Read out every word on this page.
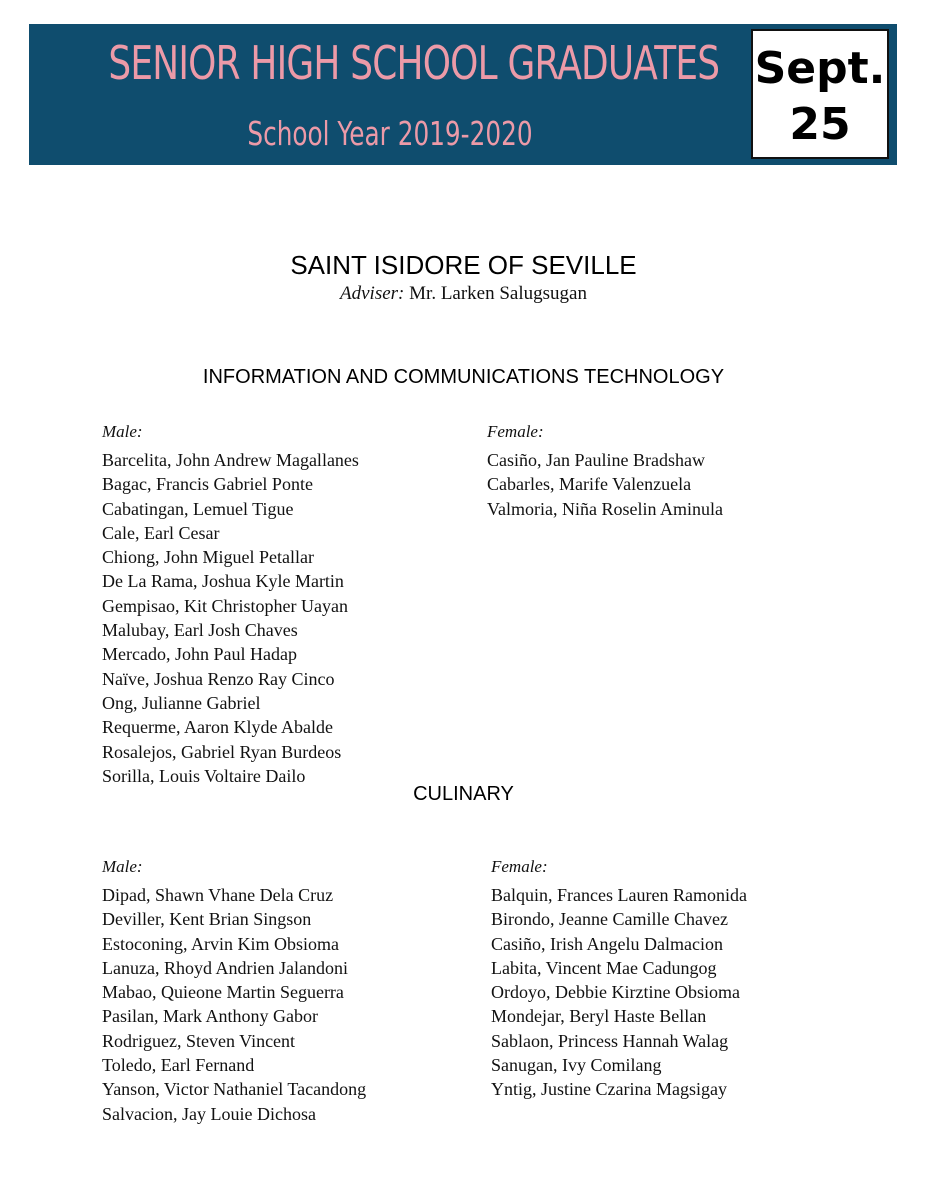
SENIOR HIGH SCHOOL GRADUATES
School Year 2019-2020
Sept.
25
SAINT ISIDORE OF SEVILLE
Adviser: Mr. Larken Salugsugan
INFORMATION AND COMMUNICATIONS TECHNOLOGY
Male:
Barcelita, John Andrew Magallanes
Bagac, Francis Gabriel Ponte
Cabatingan, Lemuel Tigue
Cale, Earl Cesar
Chiong, John Miguel Petallar
De La Rama, Joshua Kyle Martin
Gempisao, Kit Christopher Uayan
Malubay, Earl Josh Chaves
Mercado, John Paul Hadap
Naïve, Joshua Renzo Ray Cinco
Ong, Julianne Gabriel
Requerme, Aaron Klyde Abalde
Rosalejos, Gabriel Ryan Burdeos
Sorilla, Louis Voltaire Dailo
Female:
Casiño, Jan Pauline Bradshaw
Cabarles, Marife Valenzuela
Valmoria, Niña Roselin Aminula
CULINARY
Male:
Dipad, Shawn Vhane Dela Cruz
Deviller, Kent Brian Singson
Estoconing, Arvin Kim Obsioma
Lanuza, Rhoyd Andrien Jalandoni
Mabao, Quieone Martin Seguerra
Pasilan, Mark Anthony Gabor
Rodriguez, Steven Vincent
Toledo, Earl Fernand
Yanson, Victor Nathaniel Tacandong
Salvacion, Jay Louie Dichosa
Female:
Balquin, Frances Lauren Ramonida
Birondo, Jeanne Camille Chavez
Casiño, Irish Angelu Dalmacion
Labita, Vincent Mae Cadungog
Ordoyo, Debbie Kirztine Obsioma
Mondejar, Beryl Haste Bellan
Sablaon, Princess Hannah Walag
Sanugan, Ivy Comilang
Yntig, Justine Czarina Magsigay
